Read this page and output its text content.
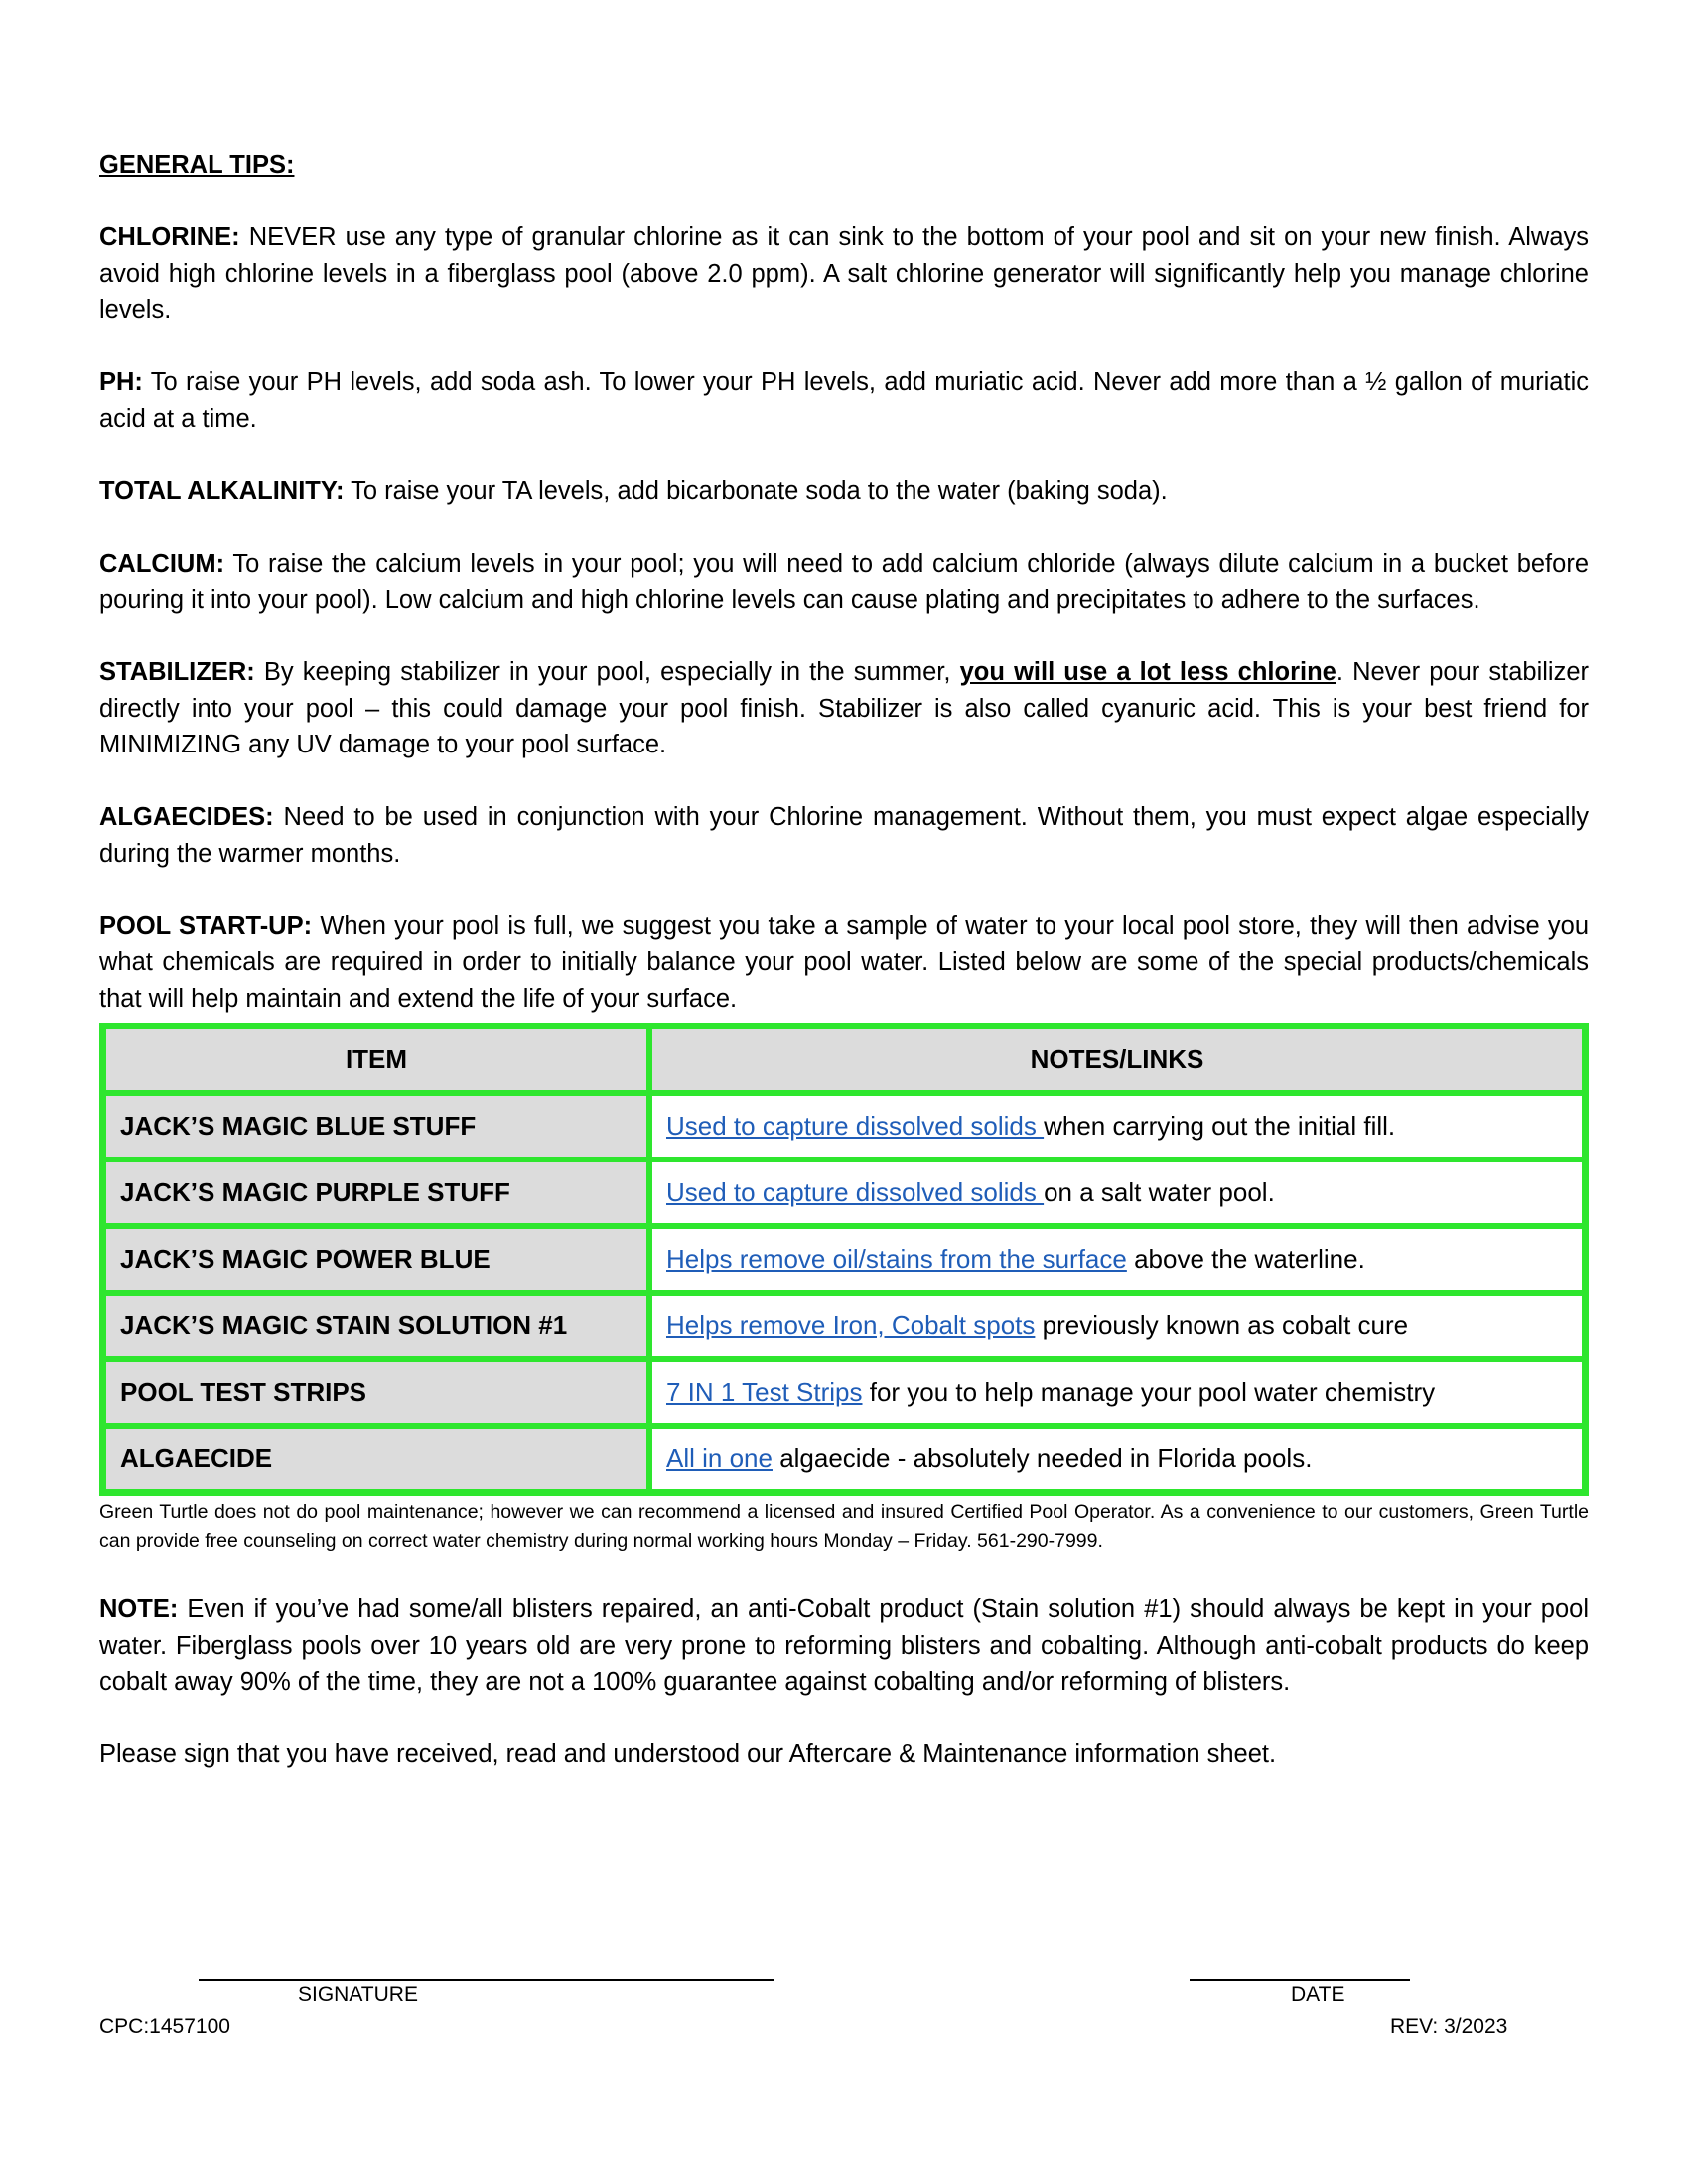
GENERAL TIPS:

CHLORINE: NEVER use any type of granular chlorine as it can sink to the bottom of your pool and sit on your new finish. Always avoid high chlorine levels in a fiberglass pool (above 2.0 ppm). A salt chlorine generator will significantly help you manage chlorine levels.

PH: To raise your PH levels, add soda ash. To lower your PH levels, add muriatic acid. Never add more than a ½ gallon of muriatic acid at a time.

TOTAL ALKALINITY: To raise your TA levels, add bicarbonate soda to the water (baking soda).

CALCIUM: To raise the calcium levels in your pool; you will need to add calcium chloride (always dilute calcium in a bucket before pouring it into your pool). Low calcium and high chlorine levels can cause plating and precipitates to adhere to the surfaces.

STABILIZER: By keeping stabilizer in your pool, especially in the summer, you will use a lot less chlorine. Never pour stabilizer directly into your pool – this could damage your pool finish. Stabilizer is also called cyanuric acid. This is your best friend for MINIMIZING any UV damage to your pool surface.

ALGAECIDES: Need to be used in conjunction with your Chlorine management. Without them, you must expect algae especially during the warmer months.

POOL START-UP: When your pool is full, we suggest you take a sample of water to your local pool store, they will then advise you what chemicals are required in order to initially balance your pool water. Listed below are some of the special products/chemicals that will help maintain and extend the life of your surface.

ITEM	NOTES/LINKS
JACK’S MAGIC BLUE STUFF	Used to capture dissolved solids when carrying out the initial fill.
JACK’S MAGIC PURPLE STUFF	Used to capture dissolved solids on a salt water pool.
JACK’S MAGIC POWER BLUE	Helps remove oil/stains from the surface above the waterline.
JACK’S MAGIC STAIN SOLUTION #1	Helps remove Iron, Cobalt spots previously known as cobalt cure
POOL TEST STRIPS	7 IN 1 Test Strips for you to help manage your pool water chemistry
ALGAECIDE	All in one algaecide - absolutely needed in Florida pools.

Green Turtle does not do pool maintenance; however we can recommend a licensed and insured Certified Pool Operator. As a convenience to our customers, Green Turtle can provide free counseling on correct water chemistry during normal working hours Monday – Friday. 561-290-7999.

NOTE: Even if you’ve had some/all blisters repaired, an anti-Cobalt product (Stain solution #1) should always be kept in your pool water. Fiberglass pools over 10 years old are very prone to reforming blisters and cobalting. Although anti-cobalt products do keep cobalt away 90% of the time, they are not a 100% guarantee against cobalting and/or reforming of blisters.

Please sign that you have received, read and understood our Aftercare & Maintenance information sheet.

SIGNATURE	DATE
CPC:1457100	REV: 3/2023
